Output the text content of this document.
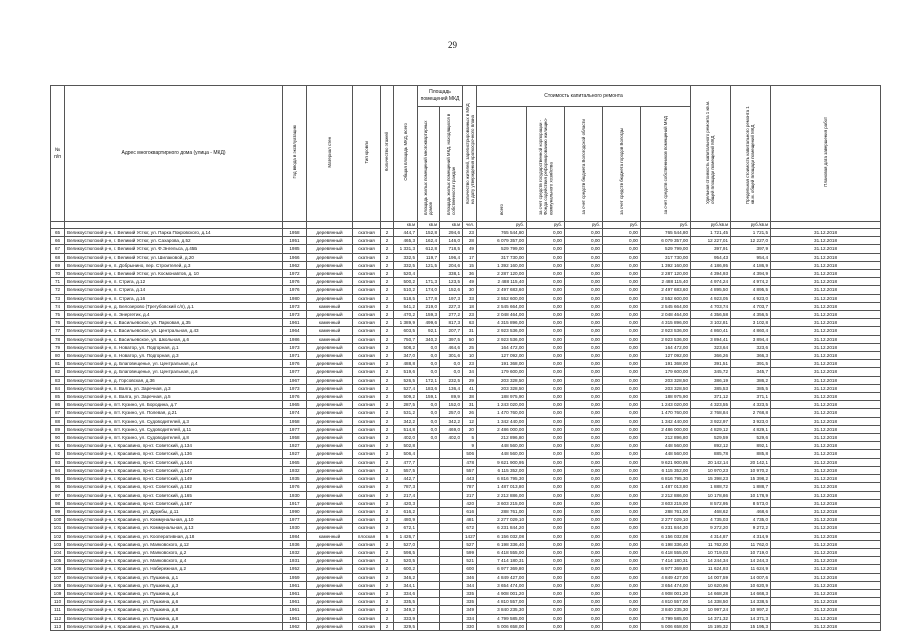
29
№ п/п	Адрес многоквартирного дома (улица - МКД)	Год ввода в эксплуатацию	Материал стен	Тип кровли	Количество этажей	Общая площадь МКД, всего	Площадь помещений МКД		Количество жителей, зарегистрированных в МКД на дату утверждения краткосрочного плана	Стоимость капитального ремонта					Удельная стоимость капитального ремонта 1 кв.м. общей площади помещений МКД	Предельная стоимость капитального ремонта 1 кв.м. общей площади помещений МКД	Плановая дата завершения работ
							площадь жилых помещений многоквартирных домов	площадь жилых помещений МКД, находящихся в собственности граждан		всего	за счет средств государственной корпорации - Фонда содействия реформированию жилищно-коммунального хозяйства	за счет средств бюджета Вологодской области	за счет средств бюджета городов Вологды	за счет средств собственников помещений МКД			
						кв.м	кв.м	кв.м	чел.	руб.	руб.	руб.	руб.	руб.	руб./кв.м	руб./кв.м	
65	Великоустюгский р-н, г. Великий Устюг, ул. Парка Покровского, д.14	1958	деревянный	скатная	2	444,7	152,8	294,6	23	765 544,80	0,00	0,00	0,00	765 544,80	1 721,45	1 721,5	31.12.2018
66	Великоустюгский р-н, г. Великий Устюг, ул. Сахарова, д.52	1951	деревянный	скатная	2	465,3	162,4	146,0	28	6 079 357,00	0,00	0,00	0,00	6 079 357,00	12 227,01	12 227,0	31.12.2018
67	Великоустюгский р-н, г. Великий Устюг, ул. Ф.Энгельса, д.45Б	1985	деревянный	скатная	2	1 331,3	612,8	718,5	49	529 799,00	0,00	0,00	0,00	529 799,00	397,91	397,9	31.12.2018
68	Великоустюгский р-н, г. Великий Устюг, ул. Шилаковой, д.20	1966	деревянный	скатная	2	332,5	119,7	196,4	17	317 730,00	0,00	0,00	0,00	317 730,00	954,43	954,4	31.12.2018
69	Великоустюгский р-н, п. Добрынино, пер. Строителей, д.3	1962	деревянный	скатная	2	332,5	121,5	204,6	15	1 392 160,00	0,00	0,00	0,00	1 392 160,00	4 186,95	4 186,9	31.12.2018
70	Великоустюгский р-н, г. Великий Устюг, ул. Космонавтов, д. 10	1972	деревянный	скатная	2	520,4		338,1	36	2 287 120,00	0,00	0,00	0,00	2 287 120,00	4 394,93	4 394,9	31.12.2018
71	Великоустюгский р-н, п. Стрига, д.12	1976	деревянный	скатная	2	500,2	171,3	123,5	49	2 488 115,40	0,00	0,00	0,00	2 488 115,40	4 974,24	4 974,2	31.12.2018
72	Великоустюгский р-н, п. Стрига, д.14	1976	деревянный	скатная	2	510,2	174,0	152,6	30	2 497 683,60	0,00	0,00	0,00	2 497 683,60	4 895,50	4 895,5	31.12.2018
73	Великоустюгский р-н, п. Стрига, д.16	1980	деревянный	скатная	2	518,5	177,8	197,3	33	2 552 600,00	0,00	0,00	0,00	2 552 600,00	4 923,05	4 923,0	31.12.2018
74	Великоустюгский р-н, д. Белозерово (Трегубовский с/п), д.1	1973	каменный	скатная	2	541,2	219,0	227,3	18	2 545 664,00	0,00	0,00	0,00	2 545 664,00	4 703,74	4 703,7	31.12.2018
75	Великоустюгский р-н, п. Энергетик, д.4	1973	деревянный	скатная	2	470,2	159,3	277,2	23	2 048 464,00	0,00	0,00	0,00	2 048 464,00	4 356,58	4 356,5	31.12.2018
76	Великоустюгский р-н, с. Васильевское, ул. Парковая, д.35	1961	каменный	скатная	2	1 389,9	499,6	817,3	63	4 315 896,00	0,00	0,00	0,00	4 315 896,00	3 102,81	3 102,8	31.12.2018
77	Великоустюгский р-н, с. Васильевское, ул. Центральная, д.43	1964	каменный	скатная	2	603,5	92,1	207,7	31	2 923 536,00	0,00	0,00	0,00	2 923 536,00	4 860,41	4 860,4	31.12.2018
78	Великоустюгский р-н, с. Васильевское, ул. Школьная, д.6	1986	каменный	скатная	2	750,7	340,2	397,5	50	2 923 536,00	0,00	0,00	0,00	2 923 536,00	3 894,41	3 894,4	31.12.2018
79	Великоустюгский р-н, п. Новатор, ул. Подгорная, д.1	1973	деревянный	скатная	2	508,2	0,0	464,6	25	164 472,00	0,00	0,00	0,00	164 472,00	323,64	323,6	31.12.2018
80	Великоустюгский р-н, п. Новатор, ул. Подгорная, д.3	1971	деревянный	скатная	2	347,0	0,0	301,6	10	127 092,00	0,00	0,00	0,00	127 092,00	366,26	366,3	31.12.2018
81	Великоустюгский р-н, д. Благовещенье, ул. Центральная, д.4	1976	деревянный	скатная	2	488,8	0,0	0,0	23	191 368,00	0,00	0,00	0,00	191 368,00	391,51	391,5	31.12.2018
82	Великоустюгский р-н, д. Благовещенье, ул. Центральная, д.6	1977	деревянный	скатная	2	519,6	0,0	0,0	34	179 600,00	0,00	0,00	0,00	179 600,00	345,72	345,7	31.12.2018
83	Великоустюгский р-н, д. Горсовская, д.36	1967	деревянный	скатная	2	526,5	172,1	232,5	29	203 328,50	0,00	0,00	0,00	203 328,50	386,19	386,2	31.12.2018
84	Великоустюгский р-н, п. Валга, ул. Заречная, д.3	1973	деревянный	скатная	2	527,4	183,6	136,4	41	203 328,50	0,00	0,00	0,00	203 328,50	385,53	385,5	31.12.2018
85	Великоустюгский р-н, п. Валга, ул. Заречная, д.5	1976	деревянный	скатная	2	509,2	159,1	89,9	38	188 975,90	0,00	0,00	0,00	188 975,90	371,12	371,1	31.12.2018
86	Великоустюгский р-н, пгт. Кузино, ул. Бородина, д.7	1965	деревянный	скатная	2	287,5	0,0	152,0	31	1 243 020,00	0,00	0,00	0,00	1 243 020,00	4 323,55	4 323,5	31.12.2018
87	Великоустюгский р-н, пгт. Кузино, ул. Полевая, д.21	1974	деревянный	скатная	2	531,2	0,0	257,0	26	1 470 760,00	0,00	0,00	0,00	1 470 760,00	2 768,84	2 768,8	31.12.2018
88	Великоустюгский р-н, пгт. Кузино, ул. Судоводителей, д.3	1958	деревянный	скатная	2	342,2	0,0	342,2	12	1 342 440,00	0,00	0,00	0,00	1 342 440,00	3 922,97	3 923,0	31.12.2018
89	Великоустюгский р-н, пгт. Кузино, ул. Судоводителей, д.11	1977	деревянный	скатная	2	514,8	0,0	469,0	20	2 486 000,00	0,00	0,00	0,00	2 486 000,00	4 829,12	4 829,1	31.12.2018
90	Великоустюгский р-н, пгт. Кузино, ул. Судоводителей, д.8	1958	деревянный	скатная	2	402,0	0,0	402,0	5	212 896,80	0,00	0,00	0,00	212 896,80	529,59	529,6	31.12.2018
91	Великоустюгский р-н, г. Красавино, пр-кт. Советский, д.134	1927	деревянный	скатная	2	502,8			9	448 560,00	0,00	0,00	0,00	448 560,00	892,12	892,1	31.12.2018
92	Великоустюгский р-н, г. Красавино, пр-кт. Советский, д.136	1927	деревянный	скатная	2	506,4			506	448 560,00	0,00	0,00	0,00	448 560,00	885,78	885,8	31.12.2018
93	Великоустюгский р-н, г. Красавино, пр-кт. Советский, д.144	1965	деревянный	скатная	2	477,7			478	9 621 900,95	0,00	0,00	0,00	9 621 900,95	20 142,14	20 142,1	31.12.2018
94	Великоустюгский р-н, г. Красавино, пр-кт. Советский, д.147	1932	деревянный	скатная	2	557,5			557	6 115 352,00	0,00	0,00	0,00	6 115 352,00	10 970,23	10 970,2	31.12.2018
95	Великоустюгский р-н, г. Красавино, пр-кт. Советский, д.149	1935	деревянный	скатная	2	442,7			443	6 816 795,30	0,00	0,00	0,00	6 816 795,30	15 398,23	15 398,2	31.12.2018
96	Великоустюгский р-н, г. Красавино, пр-кт. Советский, д.162	1976	деревянный	скатная	2	787,3			787	1 487 013,80	0,00	0,00	0,00	1 487 013,80	1 888,72	1 888,7	31.12.2018
97	Великоустюгский р-н, г. Красавино, пр-кт. Советский, д.165	1930	деревянный	скатная	2	217,4			217	2 212 886,00	0,00	0,00	0,00	2 212 886,00	10 178,86	10 178,9	31.12.2018
98	Великоустюгский р-н, г. Красавино, пр-кт. Советский, д.167	1917	деревянный	скатная	2	420,3			420	3 603 215,00	0,00	0,00	0,00	3 603 215,00	8 572,95	8 573,0	31.12.2018
99	Великоустюгский р-н, г. Красавино, ул. Дружбы, д.11	1990	деревянный	скатная	2	616,2			616	288 761,00	0,00	0,00	0,00	288 761,00	468,62	468,6	31.12.2018
100	Великоустюгский р-н, г. Красавино, ул. Коммунальная, д.10	1977	деревянный	скатная	2	480,9			481	2 277 029,10	0,00	0,00	0,00	2 277 029,10	4 735,03	4 735,0	31.12.2018
101	Великоустюгский р-н, г. Красавино, ул. Коммунальная, д.13	1930	деревянный	скатная	2	672,1			672	6 231 844,20	0,00	0,00	0,00	6 231 844,20	9 272,20	9 272,2	31.12.2018
102	Великоустюгский р-н, г. Красавино, ул. Кооперативная, д.18	1984	каменный	плоская	5	1 426,7			1427	6 156 032,08	0,00	0,00	0,00	6 156 032,08	4 314,87	4 314,9	31.12.2018
103	Великоустюгский р-н, г. Красавино, ул. Маяковского, д.12	1936	деревянный	скатная	2	527,0			527	6 198 336,40	0,00	0,00	0,00	6 198 336,40	11 762,00	11 762,0	31.12.2018
104	Великоустюгский р-н, г. Красавино, ул. Маяковского, д.2	1932	деревянный	скатная	2	598,5			599	6 418 555,00	0,00	0,00	0,00	6 418 555,00	10 719,03	10 719,0	31.12.2018
105	Великоустюгский р-н, г. Красавино, ул. Маяковского, д.4	1931	деревянный	скатная	2	520,5			521	7 414 180,31	0,00	0,00	0,00	7 414 180,31	14 244,34	14 244,3	31.12.2018
106	Великоустюгский р-н, г. Красавино, ул. Набережная, д.2	1952	деревянный	скатная	2	600,2			600	6 977 369,80	0,00	0,00	0,00	6 977 369,80	11 624,93	11 624,9	31.12.2018
107	Великоустюгский р-н, г. Красавино, ул. Пушкина, д.1	1959	деревянный	скатная	2	346,2			346	4 849 427,00	0,00	0,00	0,00	4 849 427,00	14 007,59	14 007,6	31.12.2018
108	Великоустюгский р-н, г. Красавино, ул. Пушкина, д.3	1961	деревянный	скатная	2	344,1			344	3 654 474,00	0,00	0,00	0,00	3 654 474,00	10 620,96	10 620,9	31.12.2018
109	Великоустюгский р-н, г. Красавино, ул. Пушкина, д.4	1961	деревянный	скатная	2	334,6			335	4 908 001,20	0,00	0,00	0,00	4 908 001,20	14 668,28	14 668,3	31.12.2018
110	Великоустюгский р-н, г. Красавино, ул. Пушкина, д.6	1961	деревянный	скатная	2	335,5			335	4 810 557,00	0,00	0,00	0,00	4 810 557,00	14 338,50	14 338,5	31.12.2018
111	Великоустюгский р-н, г. Красавино, ул. Пушкина, д.8	1961	деревянный	скатная	2	349,2			349	3 840 235,30	0,00	0,00	0,00	3 840 235,30	10 997,24	10 997,2	31.12.2018
112	Великоустюгский р-н, г. Красавино, ул. Пушкина, д.8	1961	деревянный	скатная	2	333,9			334	4 799 585,00	0,00	0,00	0,00	4 799 585,00	14 371,32	14 371,3	31.12.2018
113	Великоустюгский р-н, г. Красавино, ул. Пушкина, д.9	1962	деревянный	скатная	2	329,5			330	5 006 658,00	0,00	0,00	0,00	5 006 658,00	15 195,32	15 195,3	31.12.2018
